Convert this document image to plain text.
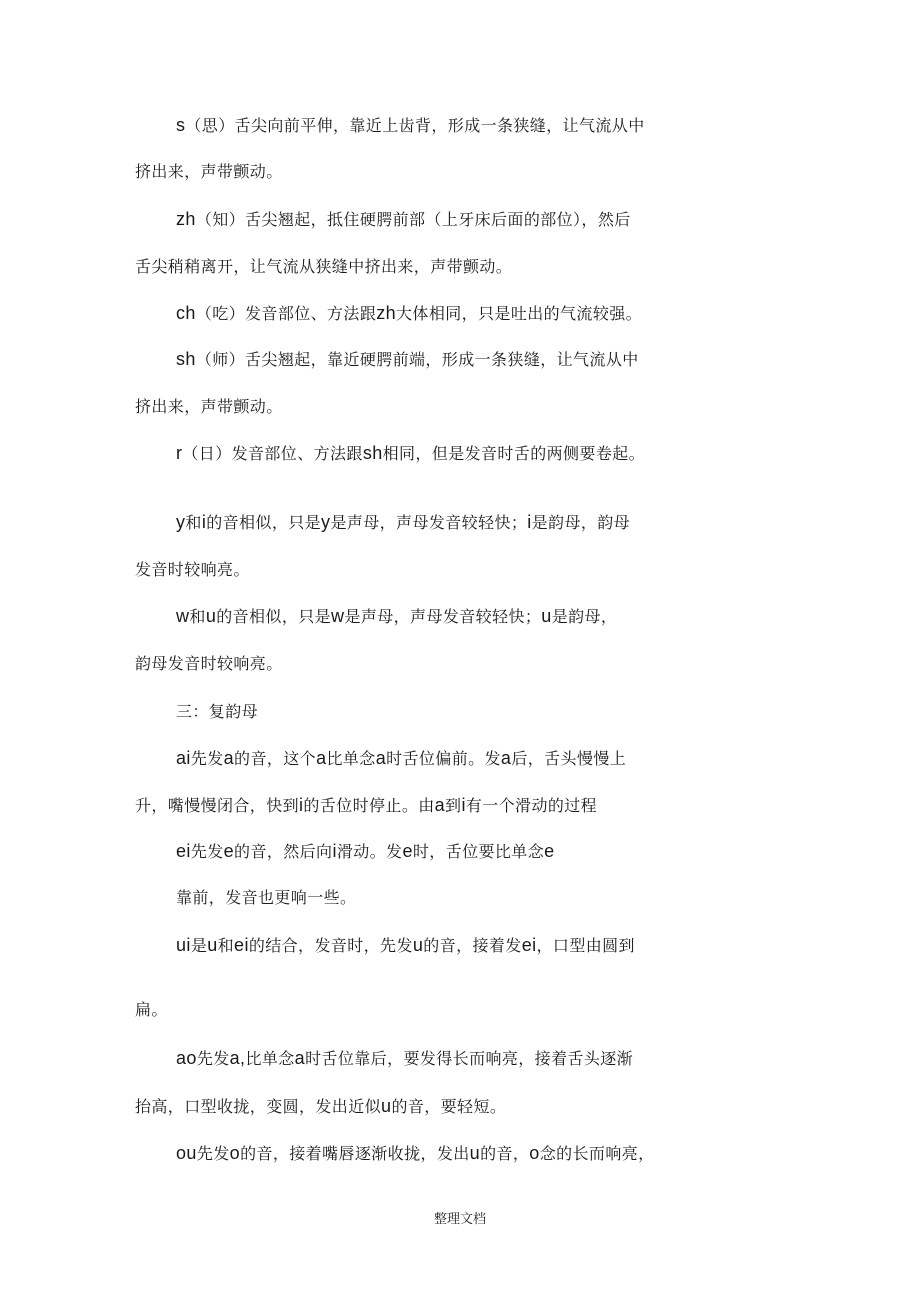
s（思）舌尖向前平伸，靠近上齿背，形成一条狭缝，让气流从中
挤出来，声带颤动。
zh（知）舌尖翘起，抵住硬腭前部（上牙床后面的部位），然后
舌尖稍稍离开，让气流从狭缝中挤出来，声带颤动。
ch（吃）发音部位、方法跟zh大体相同，只是吐出的气流较强。
sh（师）舌尖翘起，靠近硬腭前端，形成一条狭缝，让气流从中
挤出来，声带颤动。
r（日）发音部位、方法跟sh相同，但是发音时舌的两侧要卷起。
y和i的音相似，只是y是声母，声母发音较轻快；i是韵母，韵母
发音时较响亮。
w和u的音相似，只是w是声母，声母发音较轻快；u是韵母，
韵母发音时较响亮。
三：复韵母
ai先发a的音，这个a比单念a时舌位偏前。发a后，舌头慢慢上
升，嘴慢慢闭合，快到i的舌位时停止。由a到i有一个滑动的过程
ei先发e的音，然后向i滑动。发e时，舌位要比单念e
靠前，发音也更响一些。
ui是u和ei的结合，发音时，先发u的音，接着发ei，口型由圆到
扁。
ao先发a,比单念a时舌位靠后，要发得长而响亮，接着舌头逐渐
抬高，口型收拢，变圆，发出近似u的音，要轻短。
ou先发o的音，接着嘴唇逐渐收拢，发出u的音，o念的长而响亮，
整理文档
